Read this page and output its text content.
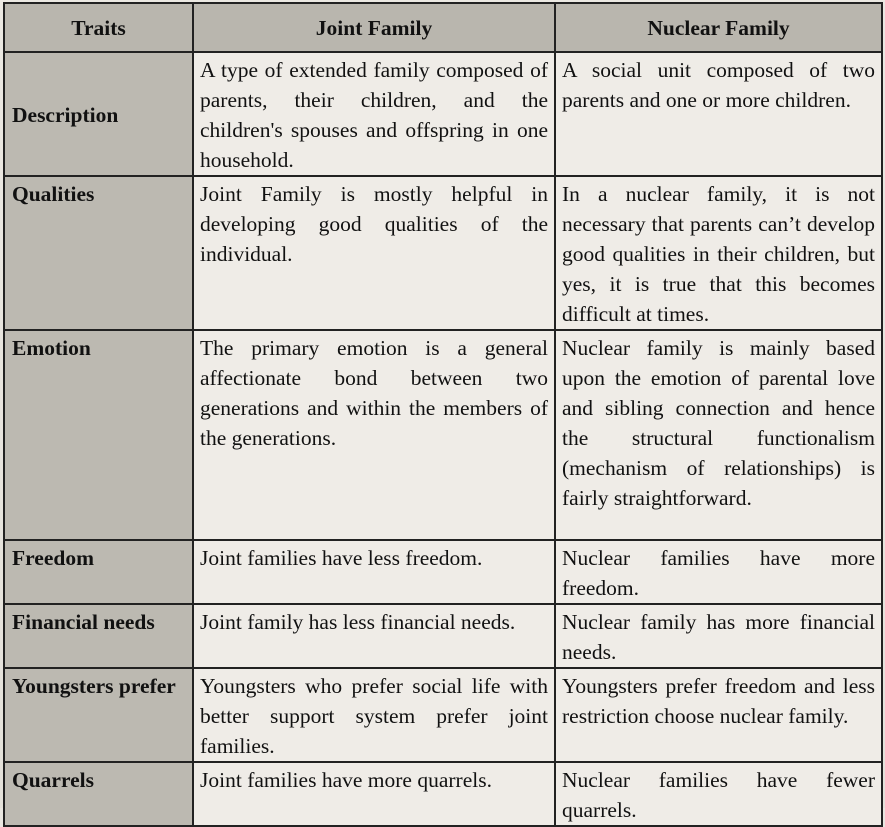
Traits	Joint Family	Nuclear Family
Description	A type of extended family composed of parents, their children, and the children's spouses and offspring in one household.	A social unit composed of two parents and one or more children.
Qualities	Joint Family is mostly helpful in developing good qualities of the individual.	In a nuclear family, it is not necessary that parents can’t develop good qualities in their children, but yes, it is true that this becomes difficult at times.
Emotion	The primary emotion is a general affectionate bond between two generations and within the members of the generations.	Nuclear family is mainly based upon the emotion of parental love and sibling connection and hence the structural functionalism (mechanism of relationships) is fairly straightforward.
Freedom	Joint families have less freedom.	Nuclear families have more freedom.
Financial needs	Joint family has less financial needs.	Nuclear family has more financial needs.
Youngsters prefer	Youngsters who prefer social life with better support system prefer joint families.	Youngsters prefer freedom and less restriction choose nuclear family.
Quarrels	Joint families have more quarrels.	Nuclear families have fewer quarrels.
